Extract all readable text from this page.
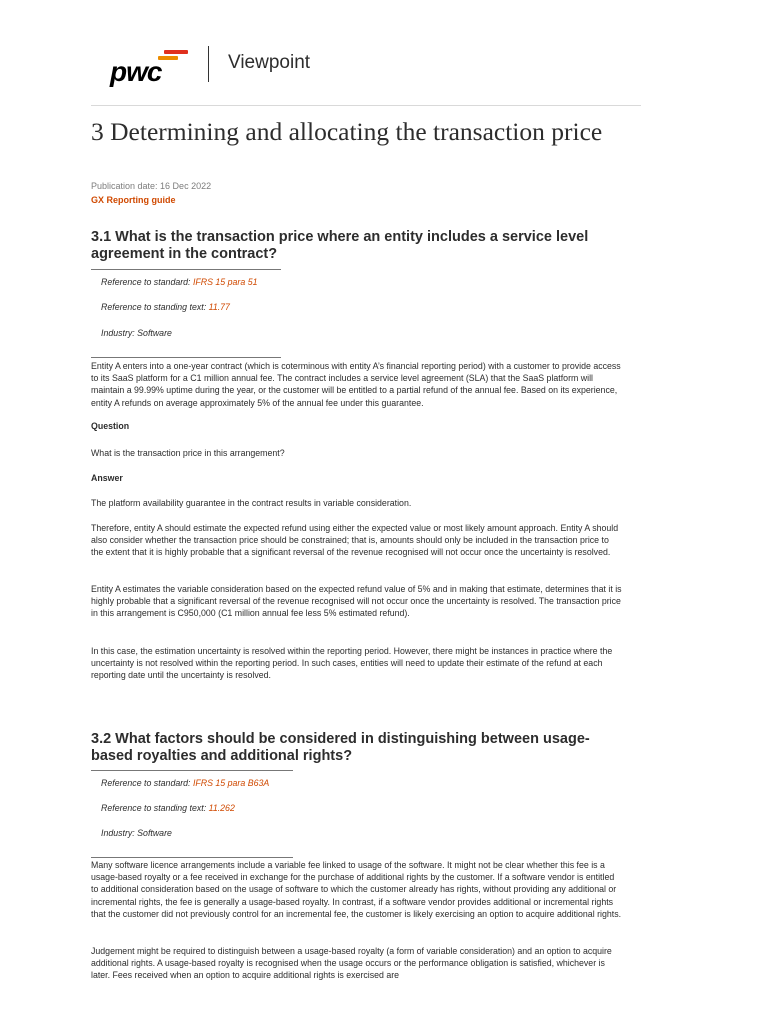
pwc	Viewpoint
3 Determining and allocating the transaction price
Publication date: 16 Dec 2022
GX Reporting guide
3.1 What is the transaction price where an entity includes a service level agreement in the contract?
Reference to standard: IFRS 15 para 51
Reference to standing text: 11.77
Industry: Software

Entity A enters into a one-year contract (which is coterminous with entity A’s financial reporting period) with a customer to provide access to its SaaS platform for a C1 million annual fee. The contract includes a service level agreement (SLA) that the SaaS platform will maintain a 99.99% uptime during the year, or the customer will be entitled to a partial refund of the annual fee. Based on its experience, entity A refunds on average approximately 5% of the annual fee under this guarantee.

Question

What is the transaction price in this arrangement?

Answer

The platform availability guarantee in the contract results in variable consideration.

Therefore, entity A should estimate the expected refund using either the expected value or most likely amount approach. Entity A should also consider whether the transaction price should be constrained; that is, amounts should only be included in the transaction price to the extent that it is highly probable that a significant reversal of the revenue recognised will not occur once the uncertainty is resolved.

Entity A estimates the variable consideration based on the expected refund value of 5% and in making that estimate, determines that it is highly probable that a significant reversal of the revenue recognised will not occur once the uncertainty is resolved. The transaction price in this arrangement is C950,000 (C1 million annual fee less 5% estimated refund).

In this case, the estimation uncertainty is resolved within the reporting period. However, there might be instances in practice where the uncertainty is not resolved within the reporting period. In such cases, entities will need to update their estimate of the refund at each reporting date until the uncertainty is resolved.

3.2 What factors should be considered in distinguishing between usage-based royalties and additional rights?
Reference to standard: IFRS 15 para B63A
Reference to standing text: 11.262
Industry: Software

Many software licence arrangements include a variable fee linked to usage of the software. It might not be clear whether this fee is a usage-based royalty or a fee received in exchange for the purchase of additional rights by the customer. If a software vendor is entitled to additional consideration based on the usage of software to which the customer already has rights, without providing any additional or incremental rights, the fee is generally a usage-based royalty. In contrast, if a software vendor provides additional or incremental rights that the customer did not previously control for an incremental fee, the customer is likely exercising an option to acquire additional rights.

Judgement might be required to distinguish between a usage-based royalty (a form of variable consideration) and an option to acquire additional rights. A usage-based royalty is recognised when the usage occurs or the performance obligation is satisfied, whichever is later. Fees received when an option to acquire additional rights is exercised are
